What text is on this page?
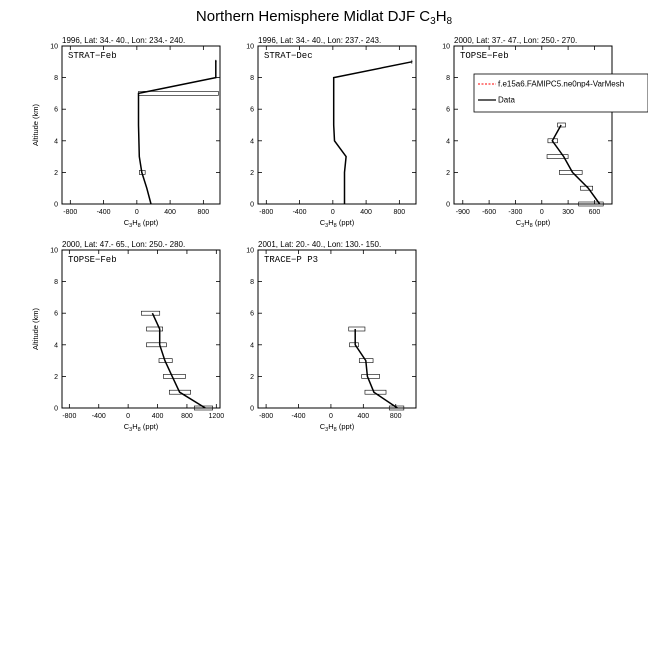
Northern Hemisphere Midlat DJF $C_3H_8$
-800	-400	0	400	800
0
2
4
6
8
10
1996, Lat: 34.- 40., Lon: 234.- 240.
STRAT−Feb
$C_3H_8$ (ppt)
Altitude (km)
-800	-400	0	400	800
0
2
4
6
8
10
1996, Lat: 34.- 40., Lon: 237.- 243.
STRAT−Dec
$C_3H_8$ (ppt)
-900 -600 -300 0	300 600
0
2
4
6
8
10
2000, Lat: 37.- 47., Lon: 250.- 270.
TOPSE−Feb
$C_3H_8$ (ppt)
-800 -400	0	400	800 1200
0
2
4
6
8
10
2000, Lat: 47.- 65., Lon: 250.- 280.
TOPSE−Feb
$C_3H_8$ (ppt)
Altitude (km)
-800	-400	0	400	800
0
2
4
6
8
10
2001, Lat: 20.- 40., Lon: 130.- 150.
TRACE−P P3
$C_3H_8$ (ppt)
f.e15a6.FAMIPC5.ne0np4-VarMesh
Data
